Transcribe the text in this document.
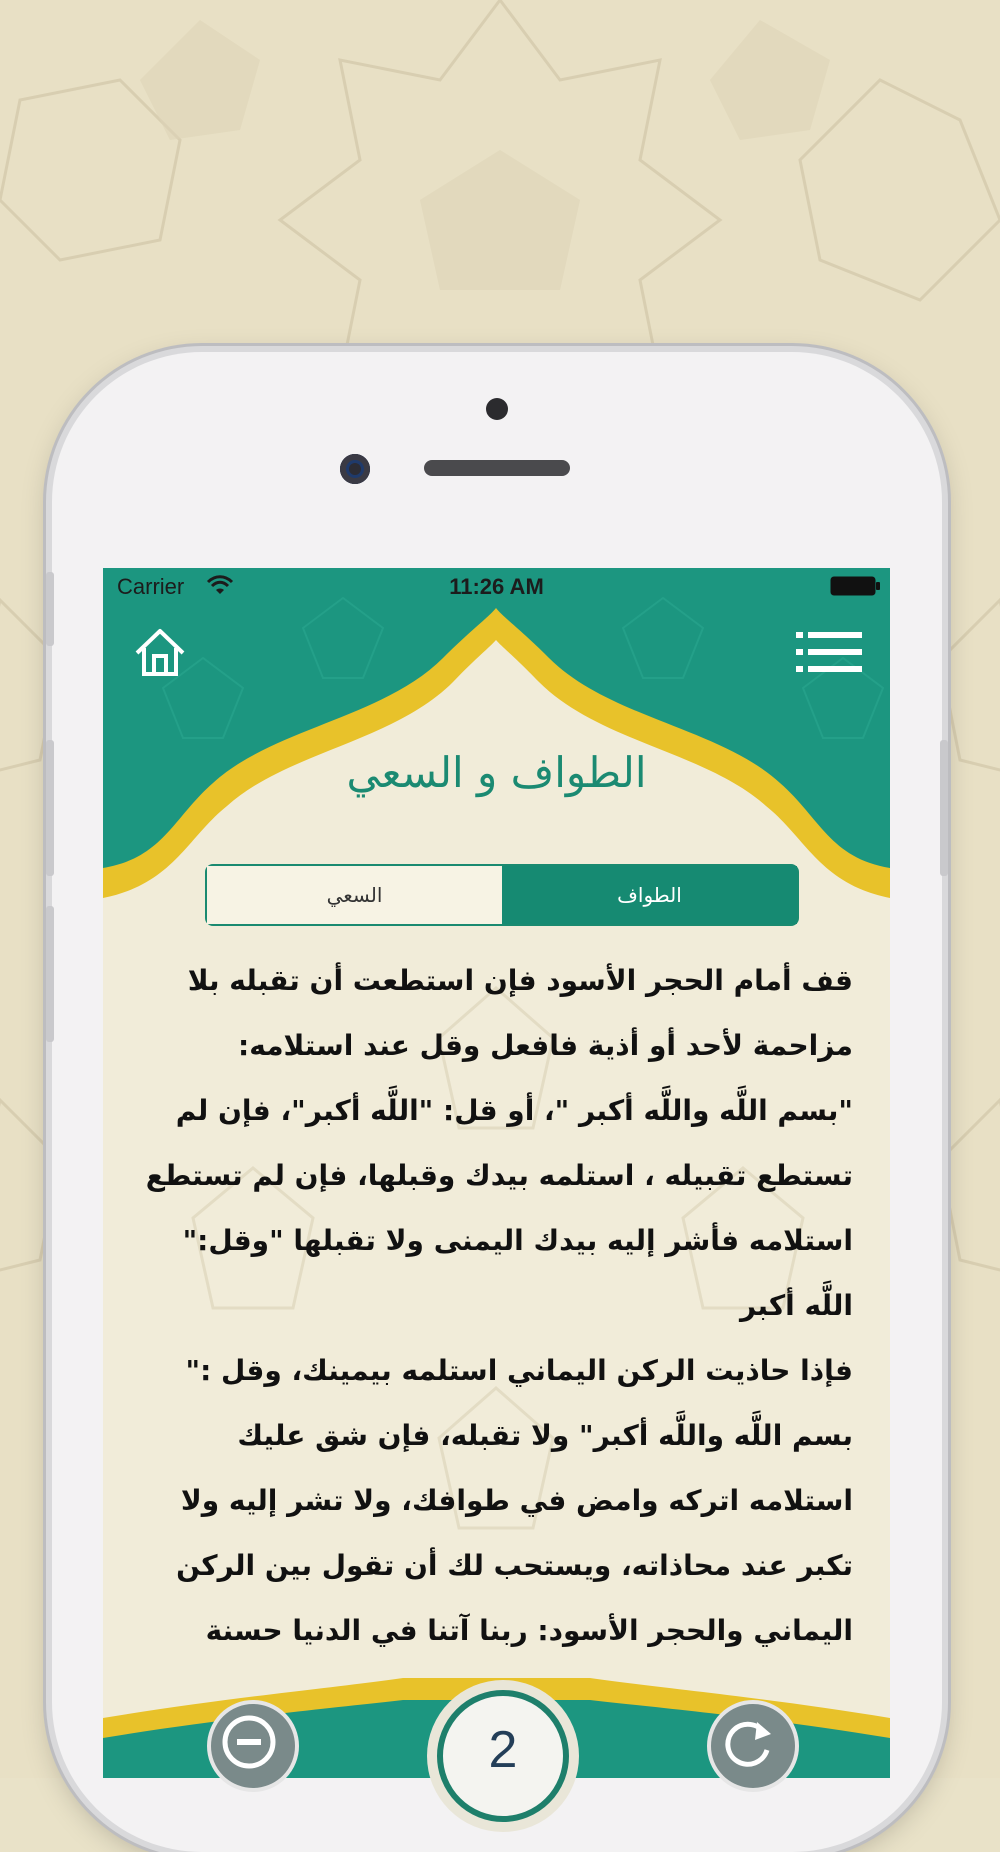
Carrier	11:26 AM
الطواف و السعي
الطواف
السعي

قف أمام الحجر الأسود فإن استطعت أن تقبله بلا مزاحمة لأحد أو أذية فافعل وقل عند استلامه:

"بسم اللَّه واللَّه أكبر "، أو قل: "اللَّه أكبر"، فإن لم تستطع تقبيله ، استلمه بيدك وقبلها، فإن لم تستطع استلامه فأشر إليه بيدك اليمنى ولا تقبلها "وقل:" اللَّه أكبر

فإذا حاذيت الركن اليماني استلمه بيمينك، وقل :" بسم اللَّه واللَّه أكبر" ولا تقبله، فإن شق عليك استلامه اتركه وامض في طوافك، ولا تشر إليه ولا تكبر عند محاذاته، ويستحب لك أن تقول بين الركن اليماني والحجر الأسود: ربنا آتنا في الدنيا حسنة

2
